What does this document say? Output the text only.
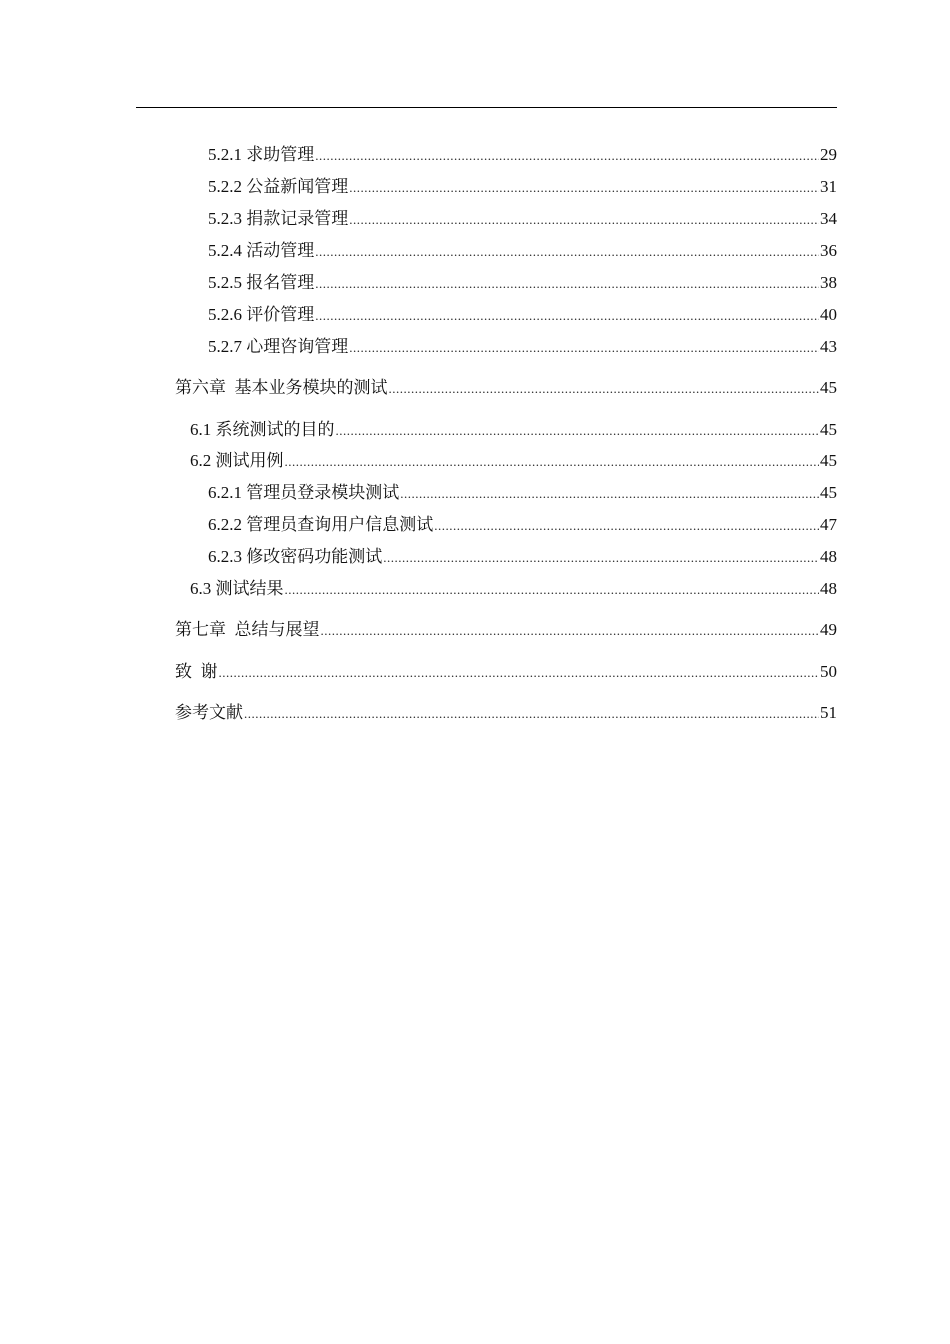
5.2.1 求助管理 .....	29
5.2.2 公益新闻管理 .....	31
5.2.3 捐款记录管理 .....	34
5.2.4 活动管理 .....	36
5.2.5 报名管理 .....	38
5.2.6 评价管理 .....	40
5.2.7 心理咨询管理 .....	43
第六章  基本业务模块的测试 .....	45
6.1 系统测试的目的 .....	45
6.2 测试用例 .....	45
6.2.1 管理员登录模块测试 .....	45
6.2.2 管理员查询用户信息测试 .....	47
6.2.3 修改密码功能测试 .....	48
6.3 测试结果 .....	48
第七章  总结与展望 .....	49
致  谢 .....	50
参考文献 .....	51
